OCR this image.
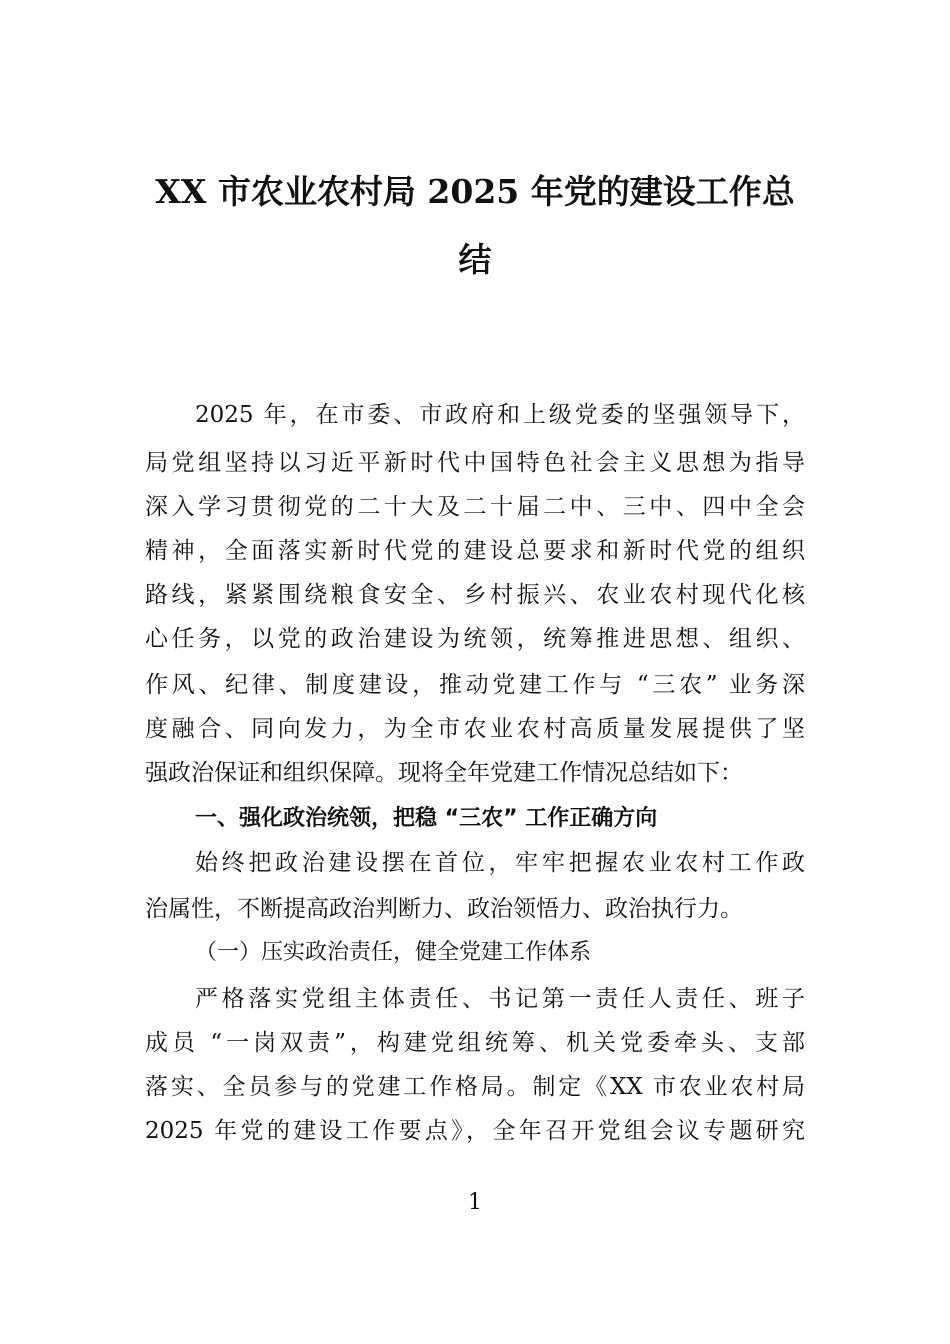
XX 市农业农村局 2025 年党的建设工作总
结
2025 年，在市委、市政府和上级党委的坚强领导下，
局党组坚持以习近平新时代中国特色社会主义思想为指导
深入学习贯彻党的二十大及二十届二中、三中、四中全会
精神，全面落实新时代党的建设总要求和新时代党的组织
路线，紧紧围绕粮食安全、乡村振兴、农业农村现代化核
心任务，以党的政治建设为统领，统筹推进思想、组织、
作风、纪律、制度建设，推动党建工作与 “三农” 业务深
度融合、同向发力，为全市农业农村高质量发展提供了坚
强政治保证和组织保障。现将全年党建工作情况总结如下：
一、强化政治统领，把稳 “三农” 工作正确方向
始终把政治建设摆在首位，牢牢把握农业农村工作政
治属性，不断提高政治判断力、政治领悟力、政治执行力。
（一）压实政治责任，健全党建工作体系
严格落实党组主体责任、书记第一责任人责任、班子
成员 “一岗双责”，构建党组统筹、机关党委牵头、支部
落实、全员参与的党建工作格局。制定《XX 市农业农村局
2025 年党的建设工作要点》，全年召开党组会议专题研究
1
